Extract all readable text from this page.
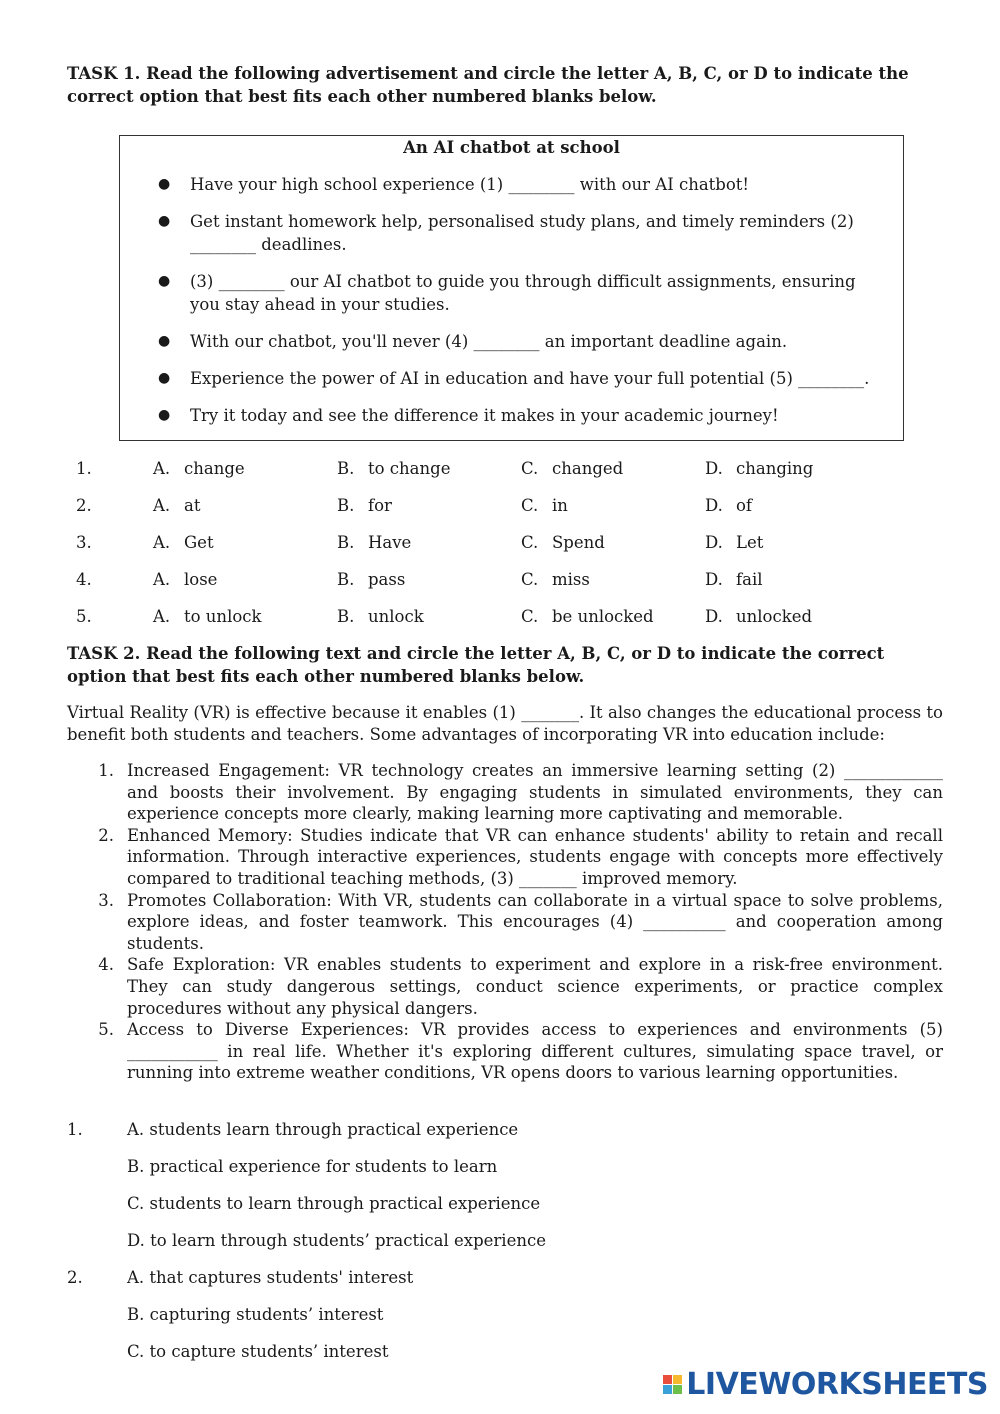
TASK 1. Read the following advertisement and circle the letter A, B, C, or D to indicate the correct option that best fits each other numbered blanks below.

An AI chatbot at school
●	Have your high school experience (1) ________ with our AI chatbot!
●	Get instant homework help, personalised study plans, and timely reminders (2) ________ deadlines.
●	(3) ________ our AI chatbot to guide you through difficult assignments, ensuring you stay ahead in your studies.
●	With our chatbot, you'll never (4) ________ an important deadline again.
●	Experience the power of AI in education and have your full potential (5) ________.
●	Try it today and see the difference it makes in your academic journey!
1.	A. change	B. to change	C. changed	D. changing
2.	A. at	B. for	C. in	D. of
3.	A. Get	B. Have	C. Spend	D. Let
4.	A. lose	B. pass	C. miss	D. fail
5.	A. to unlock	B. unlock	C. be unlocked	D. unlocked

TASK 2. Read the following text and circle the letter A, B, C, or D to indicate the correct option that best fits each other numbered blanks below.

Virtual Reality (VR) is effective because it enables (1) _______. It also changes the educational process to benefit both students and teachers. Some advantages of incorporating VR into education include:

1. Increased Engagement: VR technology creates an immersive learning setting (2) ____________ and boosts their involvement. By engaging students in simulated environments, they can experience concepts more clearly, making learning more captivating and memorable.
2. Enhanced Memory: Studies indicate that VR can enhance students' ability to retain and recall information. Through interactive experiences, students engage with concepts more effectively compared to traditional teaching methods, (3) _______ improved memory.
3. Promotes Collaboration: With VR, students can collaborate in a virtual space to solve problems, explore ideas, and foster teamwork. This encourages (4) __________ and cooperation among students.
4. Safe Exploration: VR enables students to experiment and explore in a risk-free environment. They can study dangerous settings, conduct science experiments, or practice complex procedures without any physical dangers.
5. Access to Diverse Experiences: VR provides access to experiences and environments (5) ___________ in real life. Whether it's exploring different cultures, simulating space travel, or running into extreme weather conditions, VR opens doors to various learning opportunities.
1.	A. students learn through practical experience
B. practical experience for students to learn
C. students to learn through practical experience
D. to learn through students’ practical experience
2.	A. that captures students' interest
B. capturing students’ interest
C. to capture students’ interest
LIVEWORKSHEETS
